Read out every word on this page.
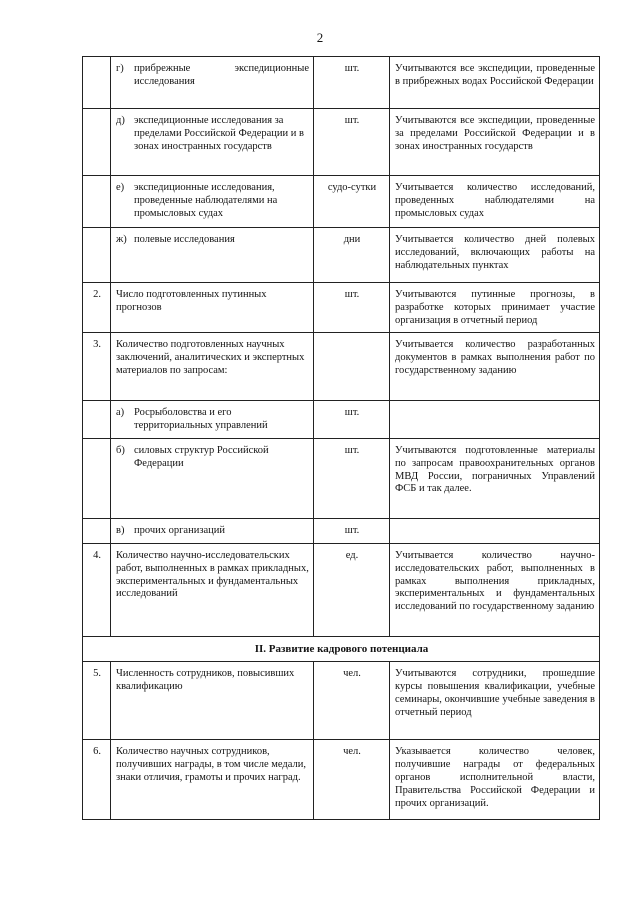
2

	г) прибрежные экспедиционные исследования	шт.	Учитываются все экспедиции, проведенные в прибрежных водах Российской Федерации

	д) экспедиционные исследования за пределами Российской Федерации и в зонах иностранных государств	шт.	Учитываются все экспедиции, проведенные за пределами Российской Федерации и в зонах иностранных государств

	е) экспедиционные исследования, проведенные наблюдателями на промысловых судах	судо-сутки	Учитывается количество исследований, проведенных наблюдателями на промысловых судах

	ж) полевые исследования	дни	Учитывается количество дней полевых исследований, включающих работы на наблюдательных пунктах
2.	Число подготовленных путинных прогнозов	шт.	Учитываются путинные прогнозы, в разработке которых принимает участие организация в отчетный период
3.	Количество подготовленных научных заключений, аналитических и экспертных материалов по запросам:		Учитывается количество разработанных документов в рамках выполнения работ по государственному заданию

	а) Росрыболовства и его территориальных управлений	шт.	

	б) силовых структур Российской Федерации	шт.	Учитываются подготовленные материалы по запросам правоохранительных органов МВД России, пограничных Управлений ФСБ и так далее.

	в) прочих организаций	шт.	
4.	Количество научно-исследовательских работ, выполненных в рамках прикладных, экспериментальных и фундаментальных исследований	ед.	Учитывается количество научно-исследовательских работ, выполненных в рамках выполнения прикладных, экспериментальных и фундаментальных исследований по государственному заданию
II. Развитие кадрового потенциала			
5.	Численность сотрудников, повысивших квалификацию	чел.	Учитываются сотрудники, прошедшие курсы повышения квалификации, учебные семинары, окончившие учебные заведения в отчетный период
6.	Количество научных сотрудников, получивших награды, в том числе медали, знаки отличия, грамоты и прочих наград.	чел.	Указывается количество человек, получившие награды от федеральных органов исполнительной власти, Правительства Российской Федерации и прочих организаций.
